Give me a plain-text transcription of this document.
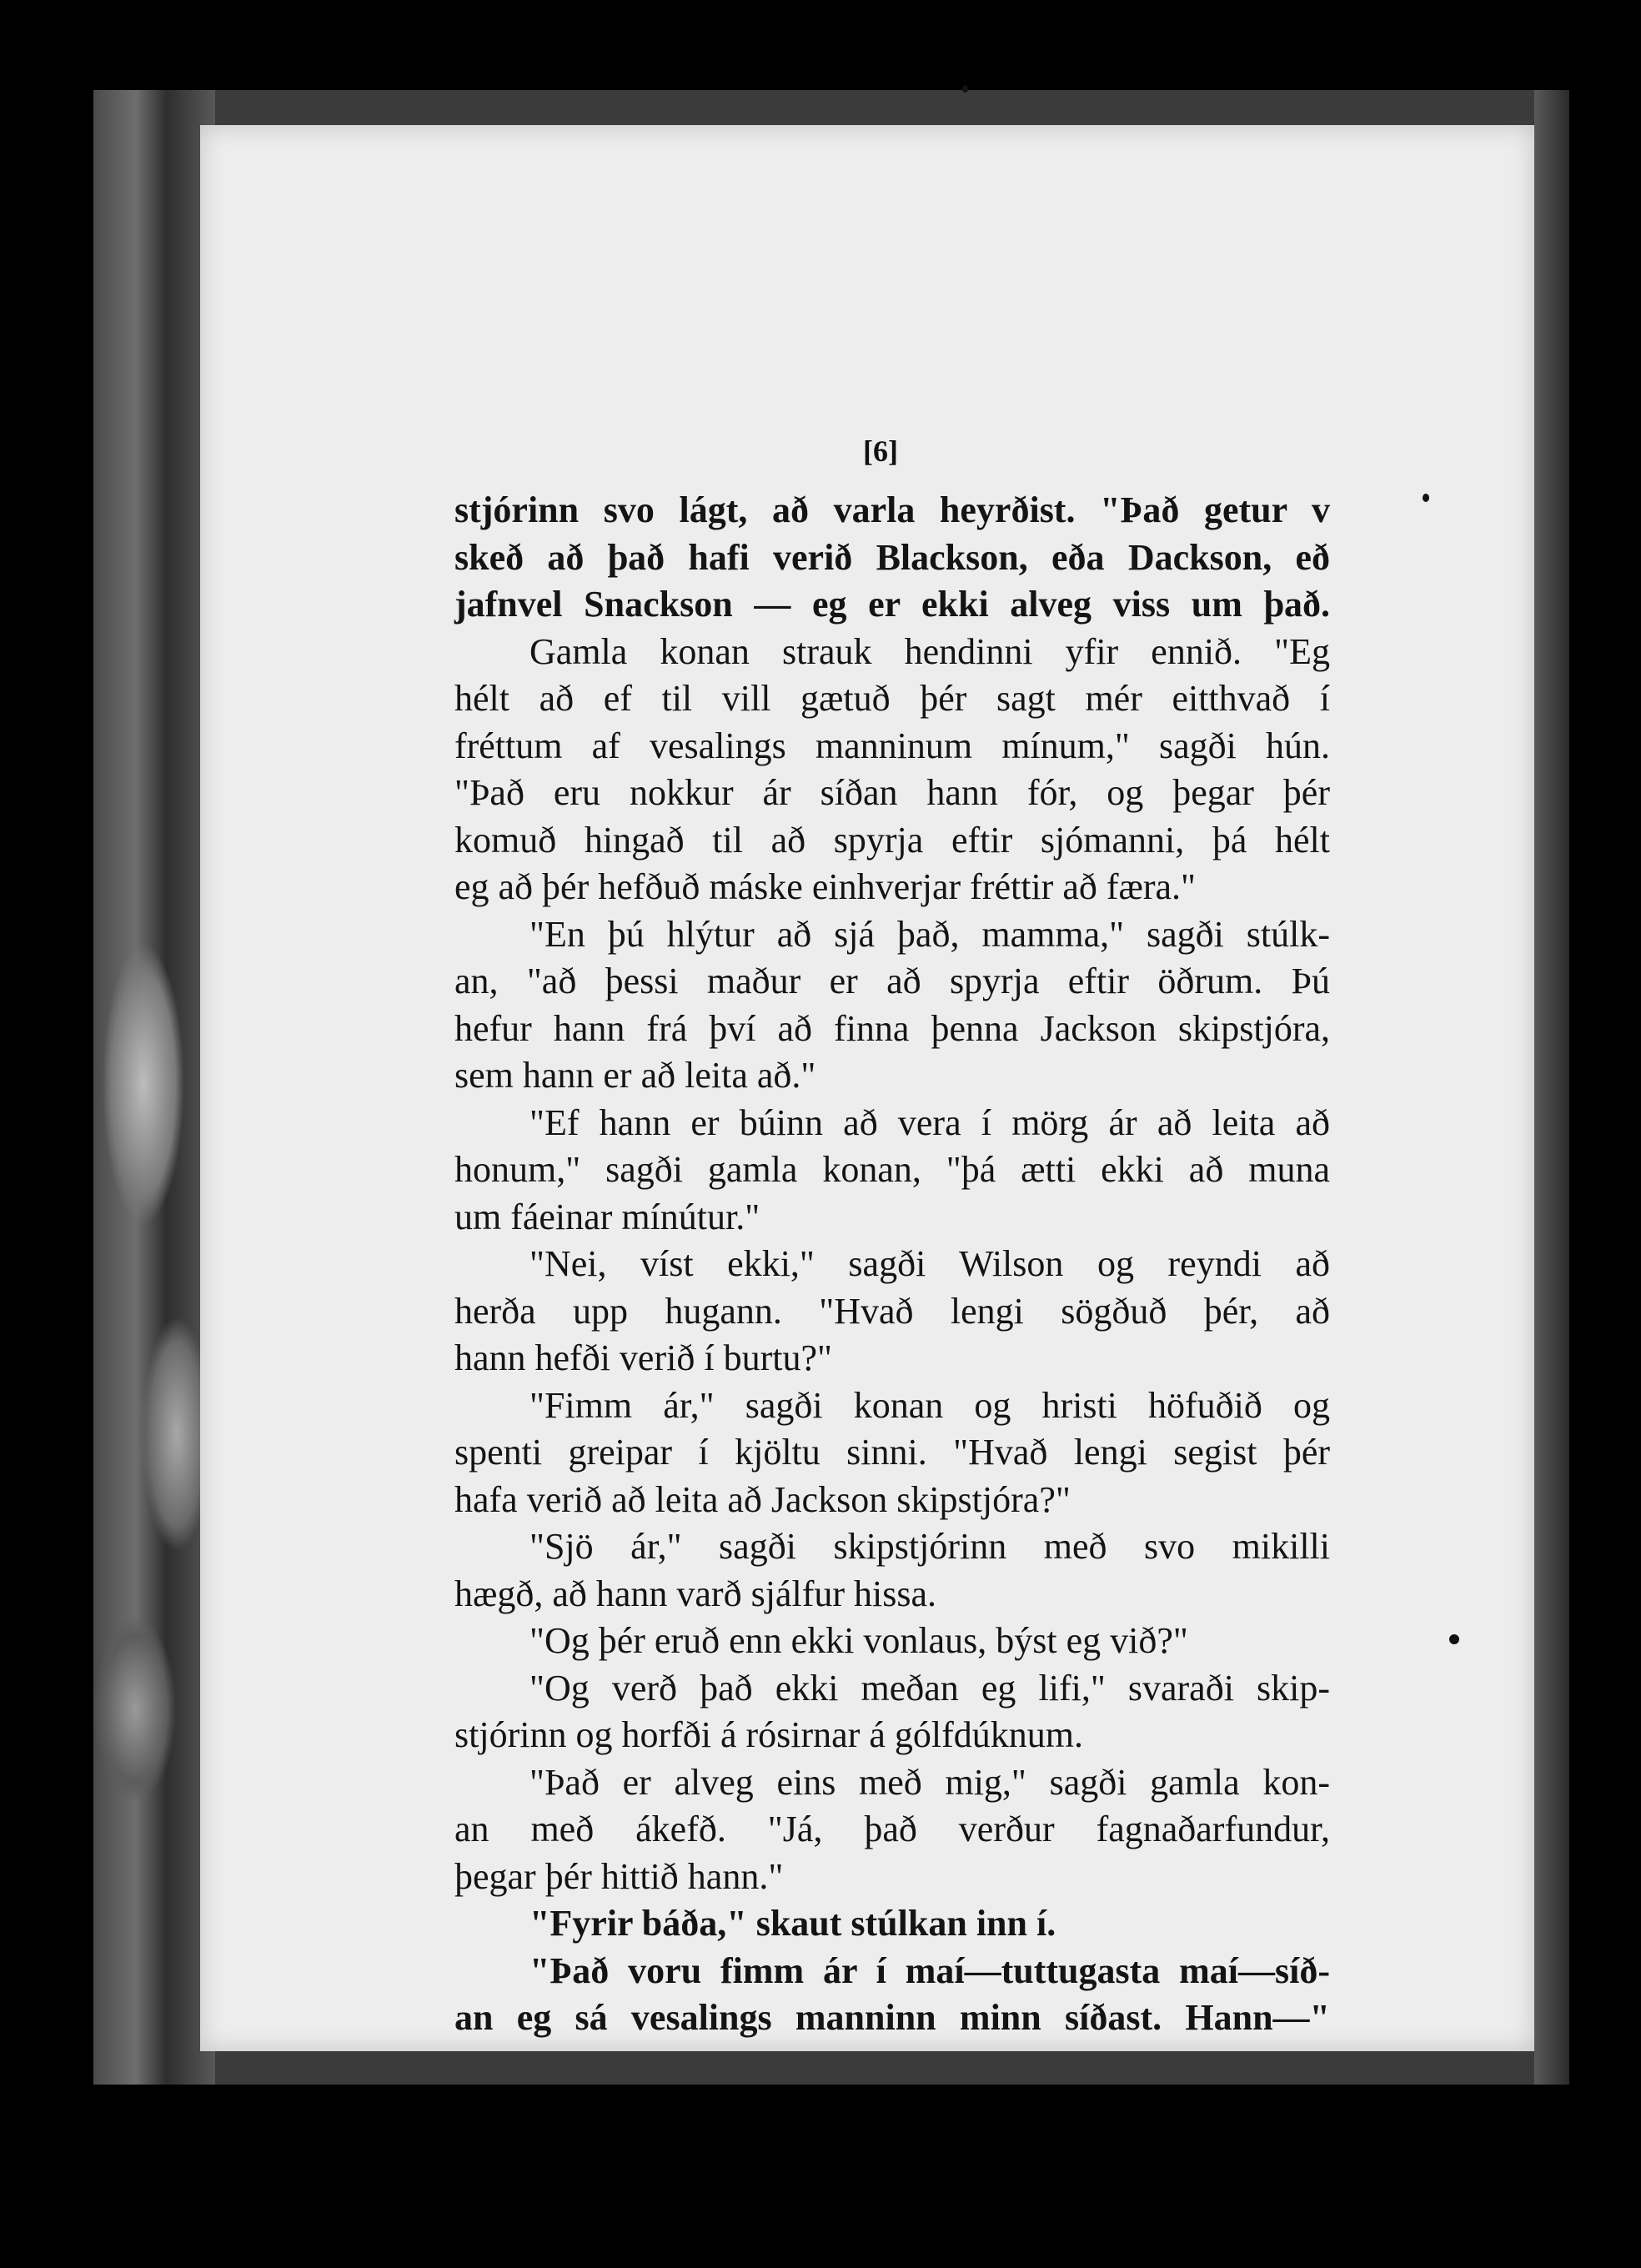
[6]
stjórinn svo lágt, að varla heyrðist. "Það getur v
skeð að það hafi verið Blackson, eða Dackson, eð
jafnvel Snackson — eg er ekki alveg viss um það.
Gamla konan strauk hendinni yfir ennið. "Eg
hélt að ef til vill gætuð þér sagt mér eitthvað í
fréttum af vesalings manninum mínum," sagði hún.
"Það eru nokkur ár síðan hann fór, og þegar þér
komuð hingað til að spyrja eftir sjómanni, þá hélt
eg að þér hefðuð máske einhverjar fréttir að færa."
"En þú hlýtur að sjá það, mamma," sagði stúlk-
an, "að þessi maður er að spyrja eftir öðrum. Þú
hefur hann frá því að finna þenna Jackson skipstjóra,
sem hann er að leita að."
"Ef hann er búinn að vera í mörg ár að leita að
honum," sagði gamla konan, "þá ætti ekki að muna
um fáeinar mínútur."
"Nei, víst ekki," sagði Wilson og reyndi að
herða upp hugann. "Hvað lengi sögðuð þér, að
hann hefði verið í burtu?"
"Fimm ár," sagði konan og hristi höfuðið og
spenti greipar í kjöltu sinni. "Hvað lengi segist þér
hafa verið að leita að Jackson skipstjóra?"
"Sjö ár," sagði skipstjórinn með svo mikilli
hægð, að hann varð sjálfur hissa.
"Og þér eruð enn ekki vonlaus, býst eg við?"
"Og verð það ekki meðan eg lifi," svaraði skip-
stjórinn og horfði á rósirnar á gólfdúknum.
"Það er alveg eins með mig," sagði gamla kon-
an með ákefð. "Já, það verður fagnaðarfundur,
þegar þér hittið hann."
"Fyrir báða," skaut stúlkan inn í.
"Það voru fimm ár í maí—tuttugasta maí—síð-
an eg sá vesalings manninn minn síðast. Hann—"
